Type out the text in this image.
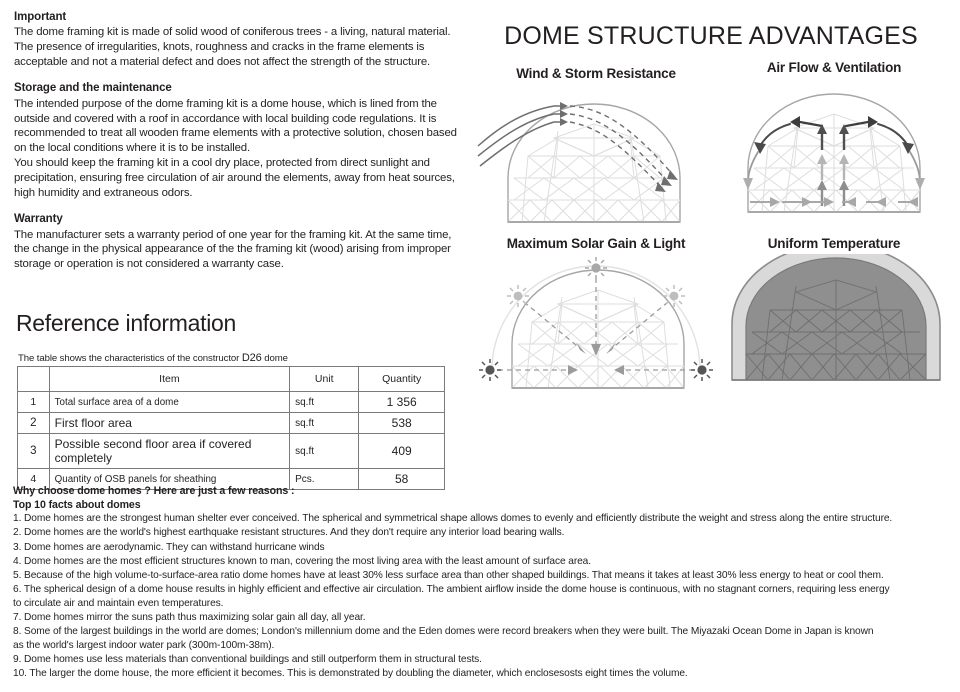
Important

The dome framing kit is made of solid wood of coniferous trees - a living, natural material. The presence of irregularities, knots, roughness and cracks in the frame elements is acceptable and not a material defect and does not affect the strength of the structure.

Storage and the maintenance

The intended purpose of the dome framing kit is a dome house, which is lined from the outside and covered with a roof in accordance with local building code regulations. It is recommended to treat all wooden frame elements with a protective solution, chosen based on the local conditions where it is to be installed.

You should keep the framing kit in a cool dry place, protected from direct sunlight and precipitation, ensuring free circulation of air around the elements, away from heat sources, high humidity and extraneous odors.

Warranty

The manufacturer sets a warranty period of one year for the framing kit. At the same time, the change in the physical appearance of the the framing kit (wood) arising from improper storage or operation is not considered a warranty case.

Reference information
The table shows the characteristics of the constructor D26 dome
	Item	Unit	Quantity
1	Total surface area of a dome	sq.ft	1 356
2	First floor area	sq.ft	538
3	Possible second floor area if covered completely	sq.ft	409
4	Quantity of OSB panels for sheathing	Pcs.	58
Why choose dome homes ? Here are just a few reasons :
Top 10 facts about domes
1. Dome homes are the strongest human shelter ever conceived. The spherical and symmetrical shape allows domes to evenly and efficiently distribute the weight and stress along the entire structure.
2. Dome homes are the world's highest earthquake resistant structures. And they don't require any interior load bearing walls.
3. Dome homes are aerodynamic. They can withstand hurricane winds
4. Dome homes are the most efficient structures known to man, covering the most living area with the least amount of surface area.
5. Because of the high volume-to-surface-area ratio dome homes have at least 30% less surface area than other shaped buildings. That means it takes at least 30% less energy to heat or cool them.
6. The spherical design of a dome house results in highly efficient and effective air circulation. The ambient airflow inside the dome house is continuous, with no stagnant corners, requiring less energy
to circulate air and maintain even temperatures.
7. Dome homes mirror the suns path thus maximizing solar gain all day, all year.
8. Some of the largest buildings in the world are domes; London's millennium dome and the Eden domes were record breakers when they were built. The Miyazaki Ocean Dome in Japan is known
as the world's largest indoor water park (300m-100m-38m).
9. Dome homes use less materials than conventional buildings and still outperform them in structural tests.
10. The larger the dome house, the more efficient it becomes. This is demonstrated by doubling the diameter, which enclosesosts eight times the volume.
DOME STRUCTURE ADVANTAGES
Wind & Storm Resistance	Air Flow & Ventilation
Maximum Solar Gain & Light	Uniform Temperature
